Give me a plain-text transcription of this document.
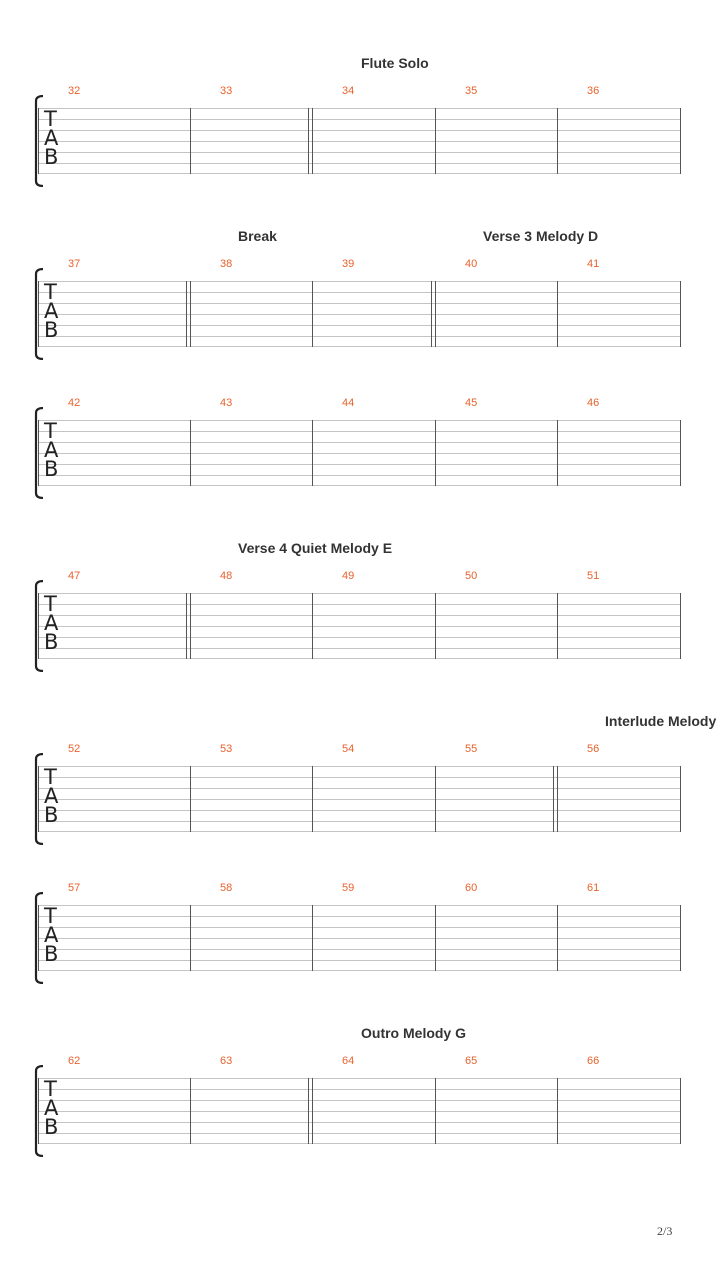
Flute Solo
Break	Verse 3 Melody D
Verse 4 Quiet Melody E
Interlude Melody
Outro Melody G
32	33	34	35	36
T
A
B
37	38	39	40	41
T
A
B
42	43	44	45	46
T
A
B
47	48	49	50	51
T
A
B
52	53	54	55	56
T
A
B
57	58	59	60	61
T
A
B
62	63	64	65	66
T
A
B
2/3
